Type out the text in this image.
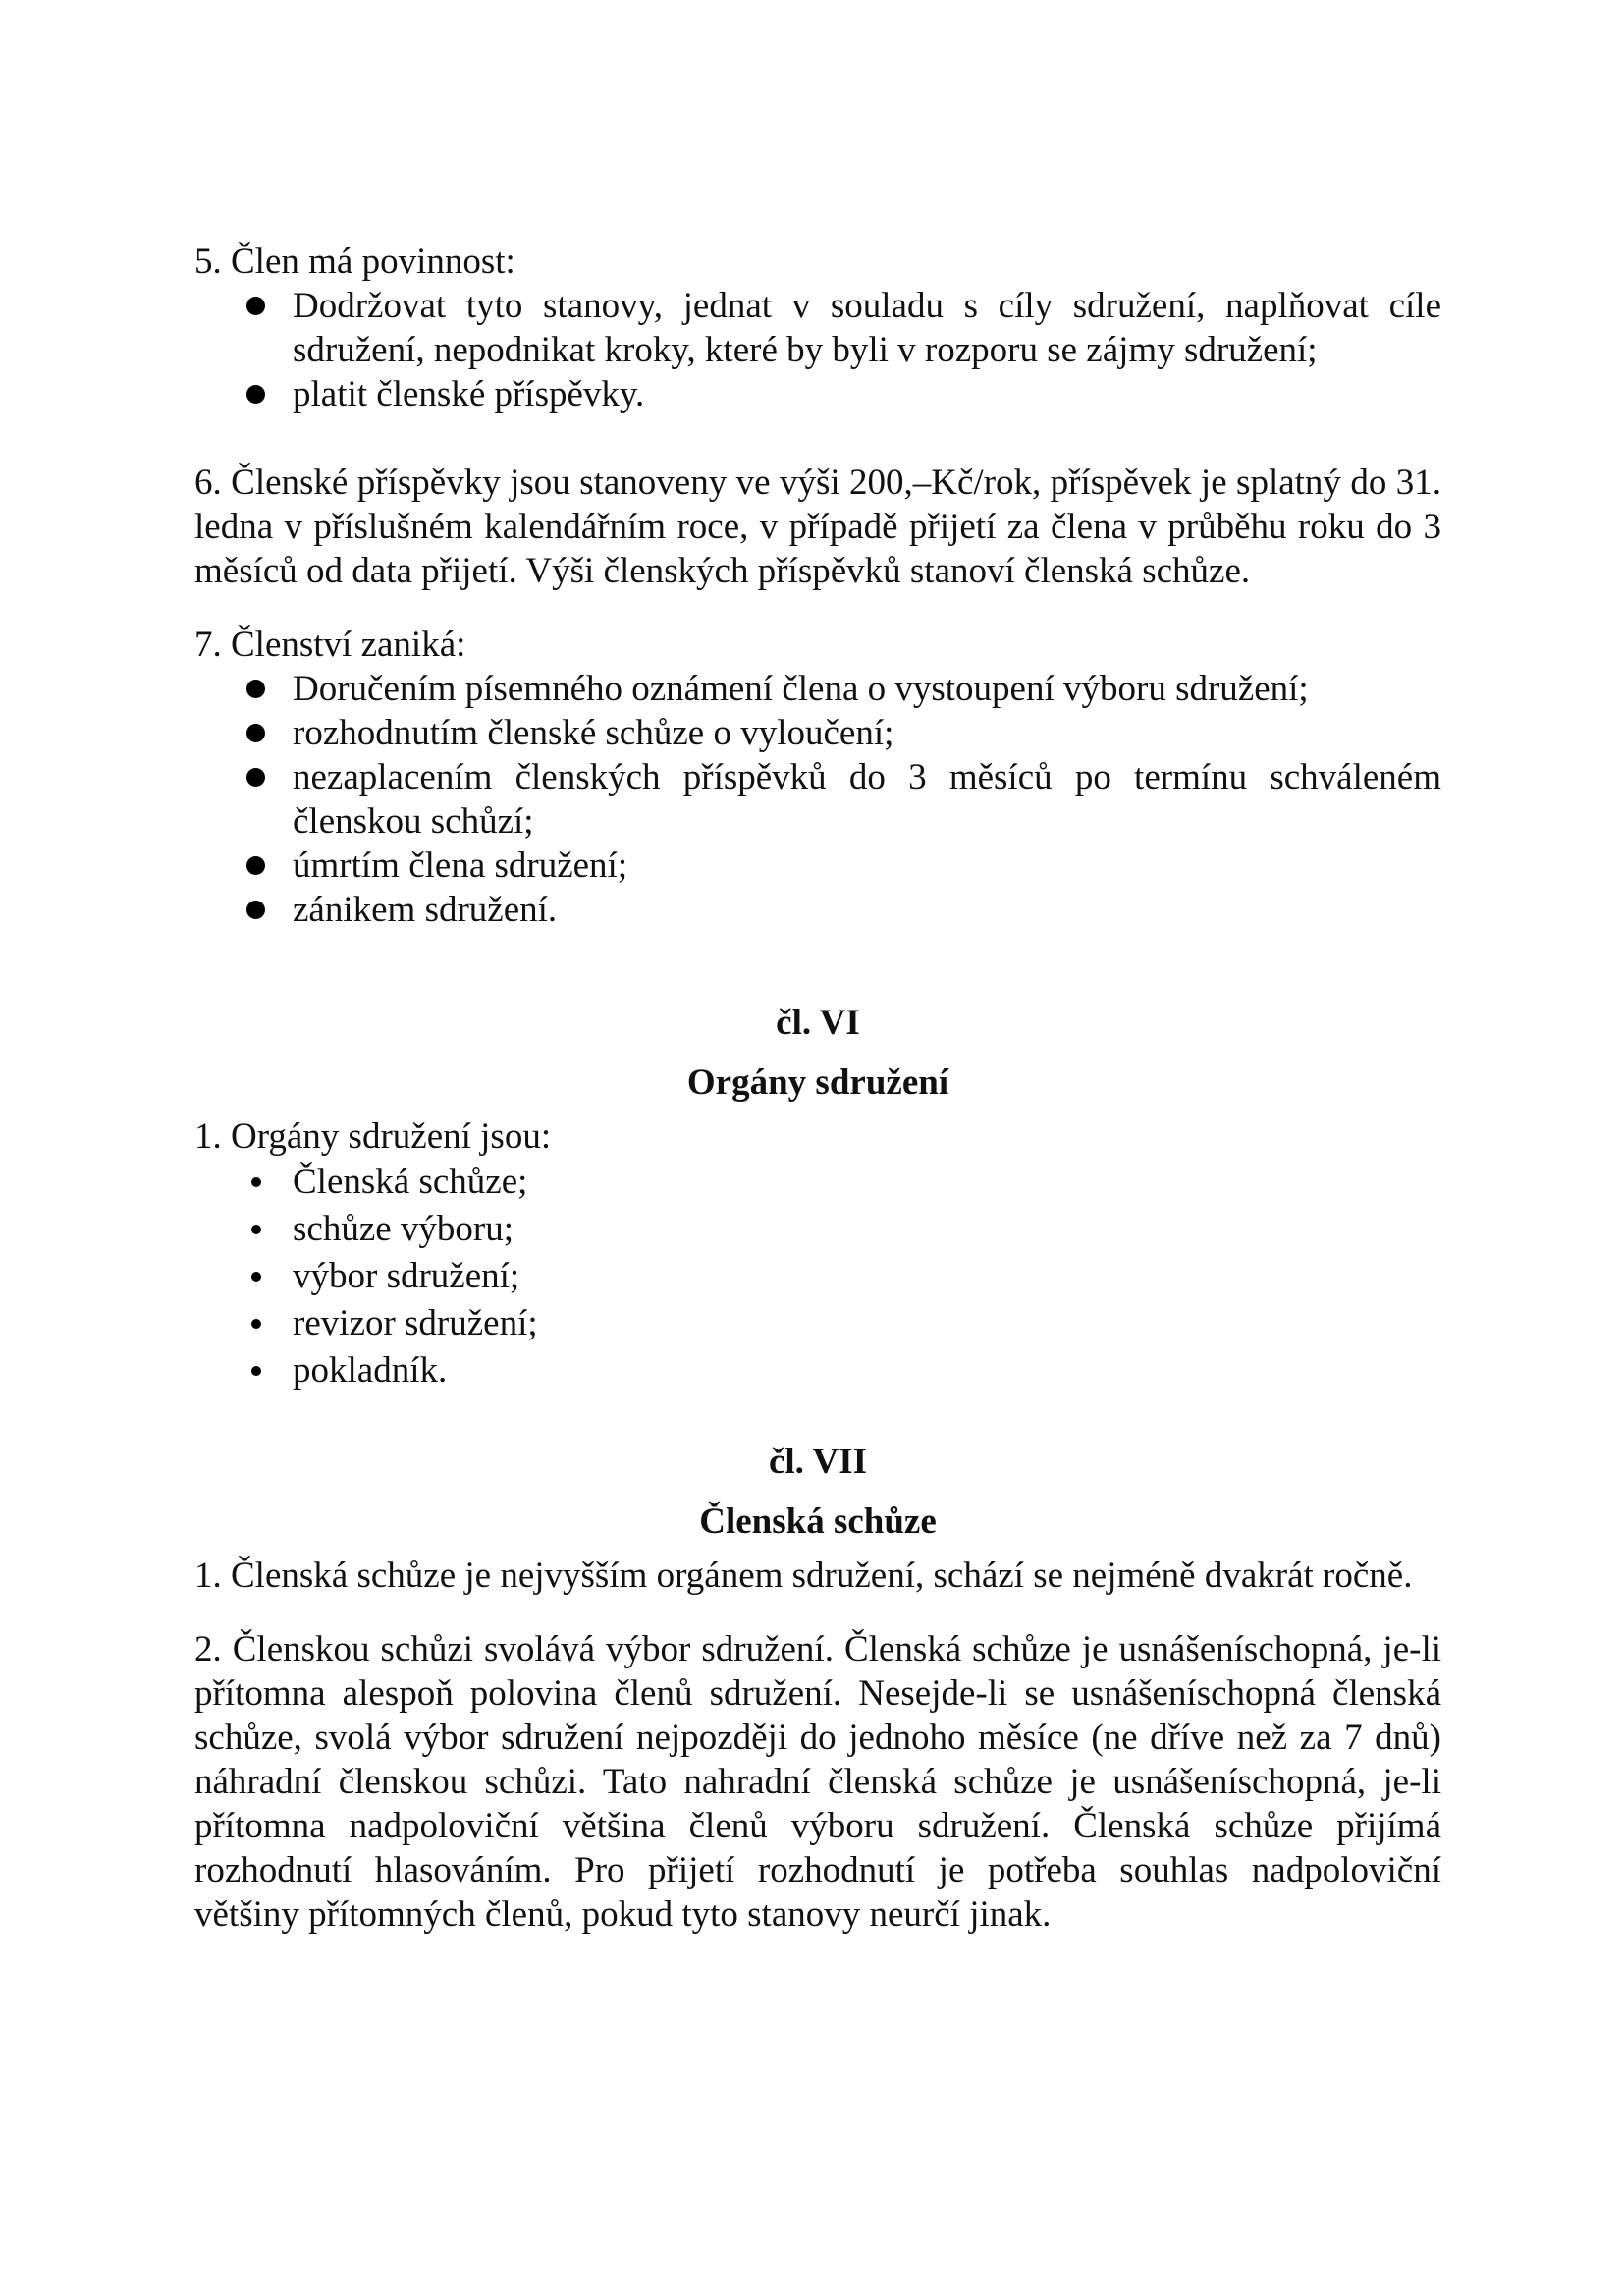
5. Člen má povinnost:

Dodržovat tyto stanovy, jednat v souladu s cíly sdružení, naplňovat cíle sdružení, nepodnikat kroky, které by byli v rozporu se zájmy sdružení;
platit členské příspěvky.

6. Členské příspěvky jsou stanoveny ve výši 200,–Kč/rok, příspěvek je splatný do 31. ledna v příslušném kalendářním roce, v případě přijetí za člena v průběhu roku do 3 měsíců od data přijetí. Výši členských příspěvků stanoví členská schůze.

7. Členství zaniká:

Doručením písemného oznámení člena o vystoupení výboru sdružení;
rozhodnutím členské schůze o vyloučení;
nezaplacením členských příspěvků do 3 měsíců po termínu schváleném členskou schůzí;
úmrtím člena sdružení;
zánikem sdružení.

čl. VI

Orgány sdružení

1. Orgány sdružení jsou:

Členská schůze;
schůze výboru;
výbor sdružení;
revizor sdružení;
pokladník.

čl. VII

Členská schůze

1. Členská schůze je nejvyšším orgánem sdružení, schází se nejméně dvakrát ročně.

2. Členskou schůzi svolává výbor sdružení. Členská schůze je usnášeníschopná, je-li přítomna alespoň polovina členů sdružení. Nesejde-li se usnášeníschopná členská schůze, svolá výbor sdružení nejpozději do jednoho měsíce (ne dříve než za 7 dnů) náhradní členskou schůzi. Tato nahradní členská schůze je usnášeníschopná, je-li přítomna nadpoloviční většina členů výboru sdružení. Členská schůze přijímá rozhodnutí hlasováním. Pro přijetí rozhodnutí je potřeba souhlas nadpoloviční většiny přítomných členů, pokud tyto stanovy neurčí jinak.
